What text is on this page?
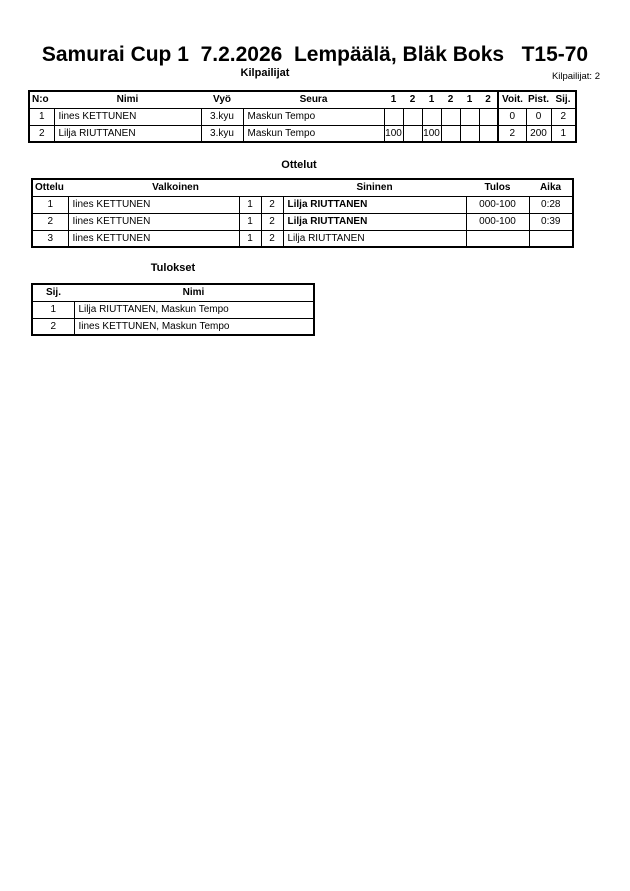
Samurai Cup 1  7.2.2026  Lempäälä, Bläk Boks   T15-70
Kilpailijat	Kilpailijat: 2
N:o	Nimi	Vyö	Seura	1	2	1	2	1	2	Voit.	Pist.	Sij.
1	Iines KETTUNEN	3.kyu	Maskun Tempo							0	0	2
2	Lilja RIUTTANEN	3.kyu	Maskun Tempo	100		100				2	200	1
Ottelut
Ottelu	Valkoinen			Sininen	Tulos	Aika
1	Iines KETTUNEN	1	2	Lilja RIUTTANEN	000-100	0:28
2	Iines KETTUNEN	1	2	Lilja RIUTTANEN	000-100	0:39
3	Iines KETTUNEN	1	2	Lilja RIUTTANEN		
Tulokset
Sij.	Nimi
1	Lilja RIUTTANEN, Maskun Tempo
2	Iines KETTUNEN, Maskun Tempo
